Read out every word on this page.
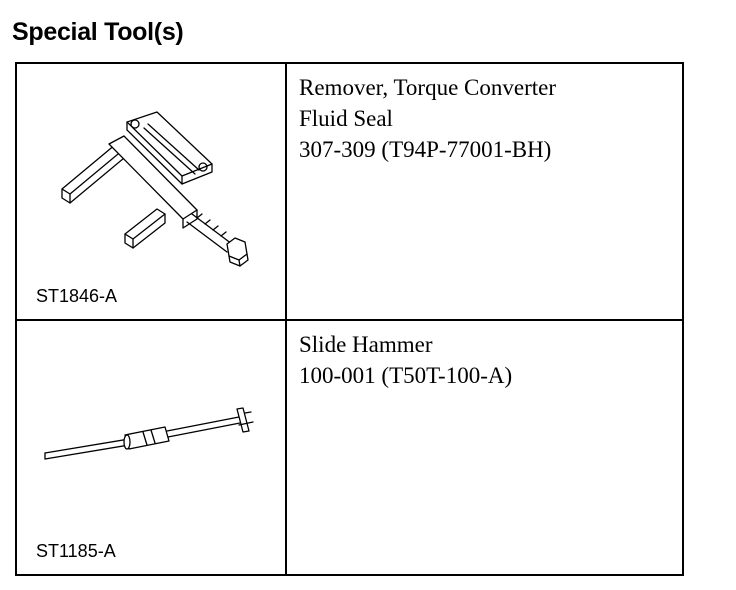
Special Tool(s)
ST1846-A	Remover, Torque Converter
Fluid Seal
307-309 (T94P-77001-BH)

ST1185-A	Slide Hammer
100-001 (T50T-100-A)
